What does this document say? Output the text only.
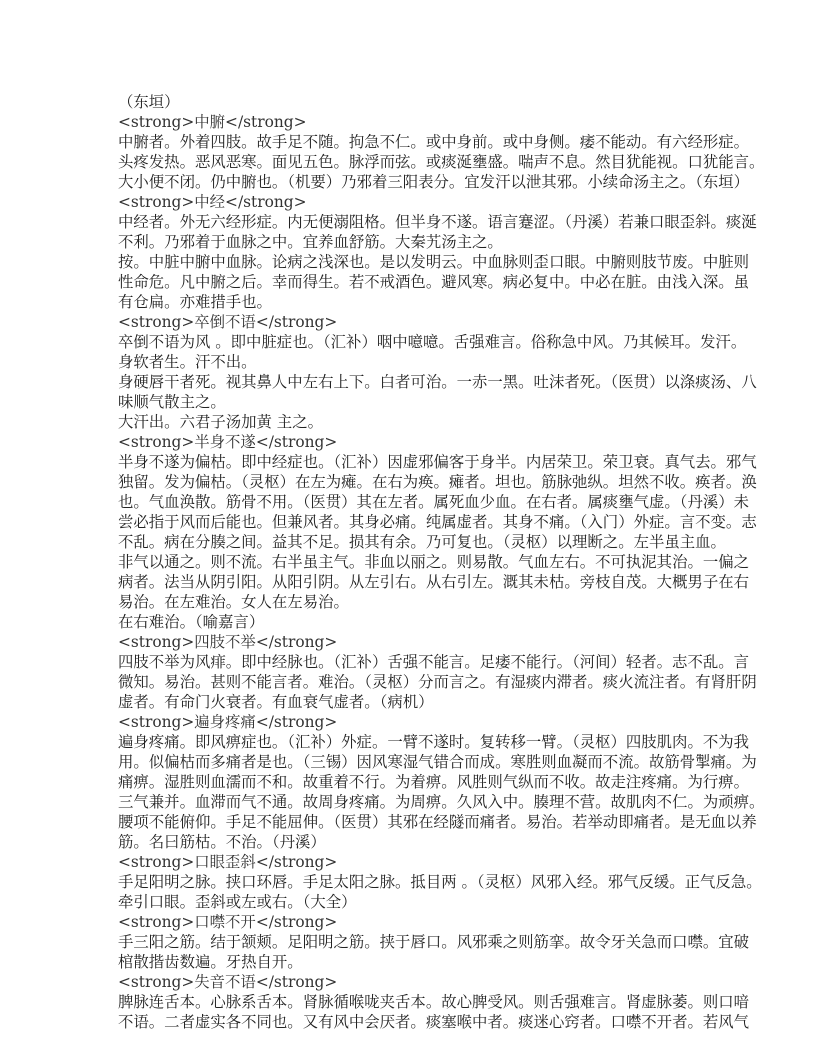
（东垣）
<strong>中腑</strong>
中腑者。外着四肢。故手足不随。拘急不仁。或中身前。或中身侧。痿不能动。有六经形症。
头疼发热。恶风恶寒。面见五色。脉浮而弦。或痰涎壅盛。喘声不息。然目犹能视。口犹能言。
大小便不闭。仍中腑也。（机要）乃邪着三阳表分。宜发汗以泄其邪。小续命汤主之。（东垣）
<strong>中经</strong>
中经者。外无六经形症。内无便溺阻格。但半身不遂。语言蹇涩。（丹溪）若兼口眼歪斜。痰涎
不利。乃邪着于血脉之中。宜养血舒筋。大秦艽汤主之。
按。中脏中腑中血脉。论病之浅深也。是以发明云。中血脉则歪口眼。中腑则肢节废。中脏则
性命危。凡中腑之后。幸而得生。若不戒酒色。避风寒。病必复中。中必在脏。由浅入深。虽
有仓扁。亦难措手也。
<strong>卒倒不语</strong>
卒倒不语为风 。即中脏症也。（汇补）咽中噫噫。舌强难言。俗称急中风。乃其候耳。发汗。
身软者生。汗不出。
身硬唇干者死。视其鼻人中左右上下。白者可治。一赤一黑。吐沫者死。（医贯）以涤痰汤、八
味顺气散主之。
大汗出。六君子汤加黄 主之。
<strong>半身不遂</strong>
半身不遂为偏枯。即中经症也。（汇补）因虚邪偏客于身半。内居荣卫。荣卫衰。真气去。邪气
独留。发为偏枯。（灵枢）在左为瘫。在右为痪。瘫者。坦也。筋脉弛纵。坦然不收。痪者。涣
也。气血涣散。筋骨不用。（医贯）其在左者。属死血少血。在右者。属痰壅气虚。（丹溪）未
尝必指于风而后能也。但兼风者。其身必痛。纯属虚者。其身不痛。（入门）外症。言不变。志
不乱。病在分腠之间。益其不足。损其有余。乃可复也。（灵枢）以理断之。左半虽主血。
非气以通之。则不流。右半虽主气。非血以丽之。则易散。气血左右。不可执泥其治。一偏之
病者。法当从阴引阳。从阳引阴。从左引右。从右引左。溉其未枯。旁枝自茂。大概男子在右
易治。在左难治。女人在左易治。
在右难治。（喻嘉言）
<strong>四肢不举</strong>
四肢不举为风痱。即中经脉也。（汇补）舌强不能言。足痿不能行。（河间）轻者。志不乱。言
微知。易治。甚则不能言者。难治。（灵枢）分而言之。有湿痰内滞者。痰火流注者。有肾肝阴
虚者。有命门火衰者。有血衰气虚者。（病机）
<strong>遍身疼痛</strong>
遍身疼痛。即风痹症也。（汇补）外症。一臂不遂时。复转移一臂。（灵枢）四肢肌肉。不为我
用。似偏枯而多痛者是也。（三锡）因风寒湿气错合而成。寒胜则血凝而不流。故筋骨掣痛。为
痛痹。湿胜则血濡而不和。故重着不行。为着痹。风胜则气纵而不收。故走注疼痛。为行痹。
三气兼并。血滞而气不通。故周身疼痛。为周痹。久风入中。腠理不营。故肌肉不仁。为顽痹。
腰项不能俯仰。手足不能屈伸。（医贯）其邪在经隧而痛者。易治。若举动即痛者。是无血以养
筋。名曰筋枯。不治。（丹溪）
<strong>口眼歪斜</strong>
手足阳明之脉。挟口环唇。手足太阳之脉。抵目两 。（灵枢）风邪入经。邪气反缓。正气反急。
牵引口眼。歪斜或左或右。（大全）
<strong>口噤不开</strong>
手三阳之筋。结于颔颊。足阳明之筋。挟于唇口。风邪乘之则筋挛。故令牙关急而口噤。宜破
棺散揩齿数遍。牙热自开。
<strong>失音不语</strong>
脾脉连舌本。心脉系舌本。肾脉循喉咙夹舌本。故心脾受风。则舌强难言。肾虚脉萎。则口喑
不语。二者虚实各不同也。又有风中会厌者。痰塞喉中者。痰迷心窍者。口噤不开者。若风气
